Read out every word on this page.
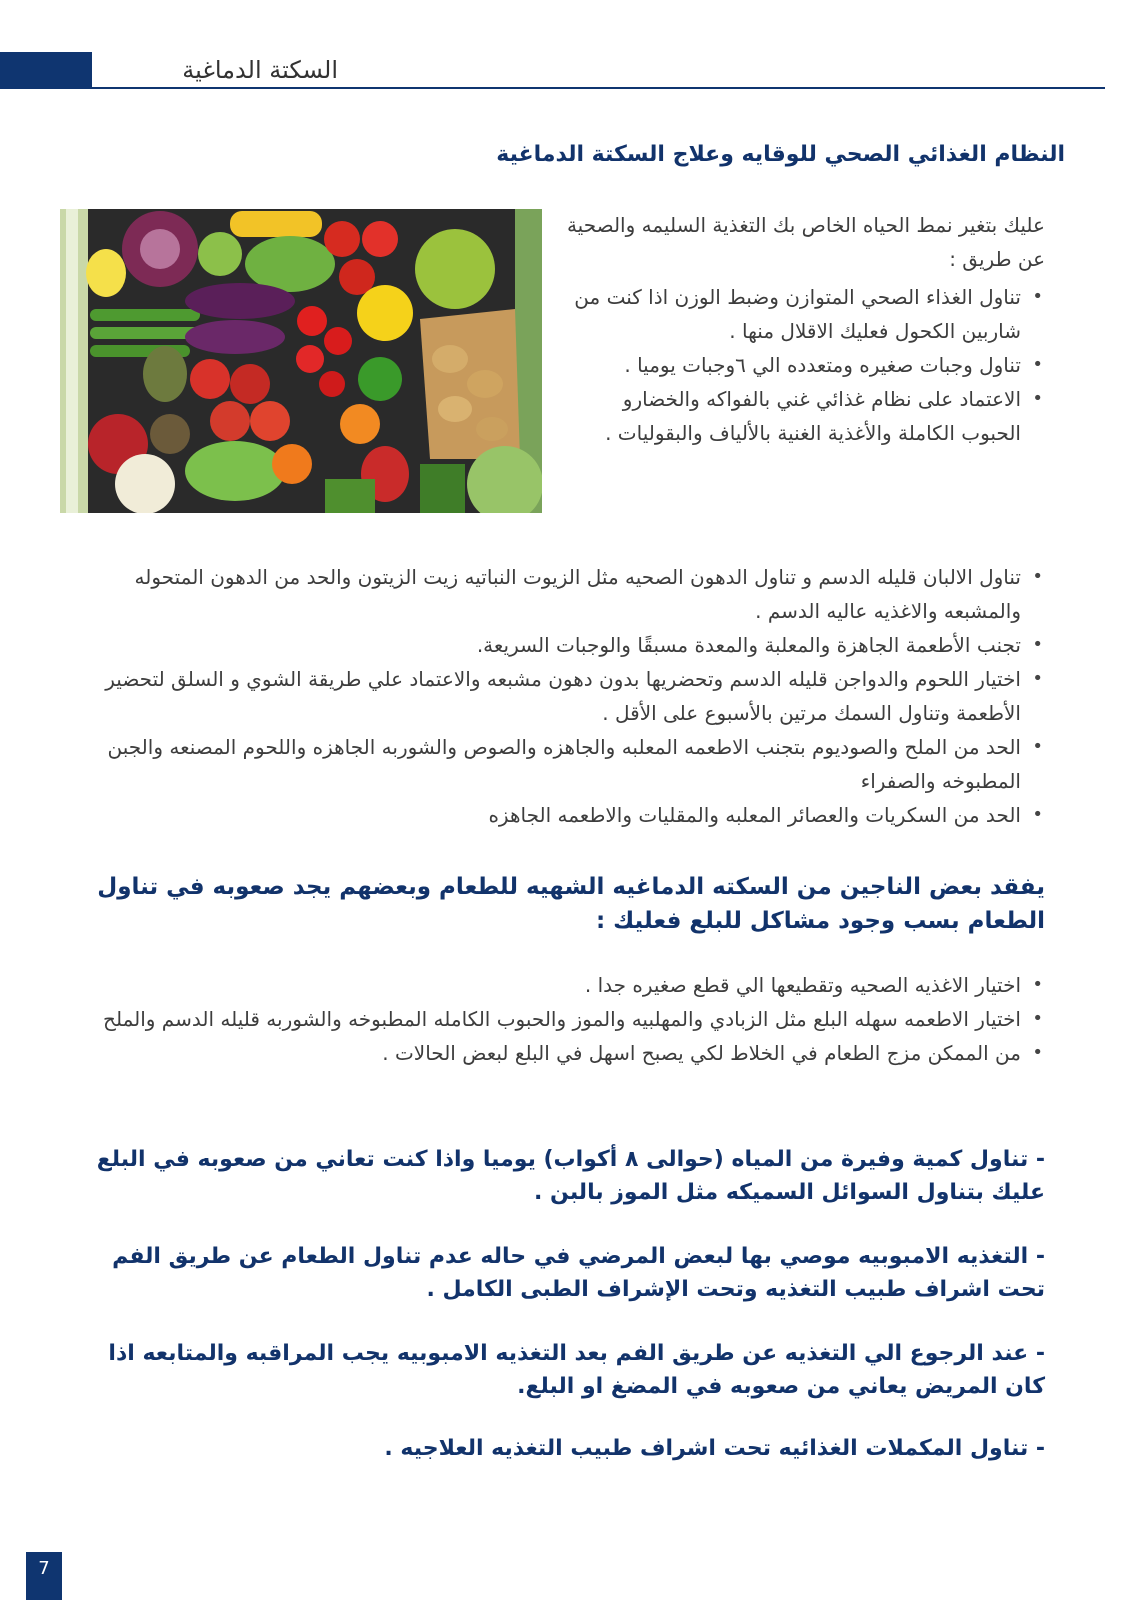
السكتة الدماغية
النظام الغذائي الصحي للوقايه وعلاج السكتة الدماغية
عليك بتغير نمط الحياه الخاص بك التغذية السليمه والصحية عن طريق :
• تناول الغذاء الصحي المتوازن وضبط الوزن اذا كنت من شاربين الكحول فعليك الاقلال منها .
• تناول وجبات صغيره ومتعدده الي ٦وجبات يوميا .
• الاعتماد على نظام غذائي غني بالفواكه والخضارو الحبوب الكاملة والأغذية الغنية بالألياف والبقوليات .
• تناول الالبان قليله الدسم و تناول الدهون الصحيه مثل الزيوت النباتيه زيت الزيتون والحد من الدهون المتحوله والمشبعه والاغذيه عاليه الدسم .
• تجنب الأطعمة الجاهزة والمعلبة والمعدة مسبقًا والوجبات السريعة.
• اختيار اللحوم والدواجن قليله الدسم وتحضريها بدون دهون مشبعه والاعتماد علي طريقة الشوي و السلق لتحضير الأطعمة وتناول السمك مرتين بالأسبوع على الأقل .
• الحد من الملح والصوديوم بتجنب الاطعمه المعلبه والجاهزه والصوص والشوربه الجاهزه واللحوم المصنعه والجبن المطبوخه والصفراء
• الحد من السكريات والعصائر المعلبه والمقليات والاطعمه الجاهزه
يفقد بعض الناجين من السكته الدماغيه الشهيه للطعام وبعضهم يجد صعوبه في تناول الطعام بسب وجود مشاكل للبلع فعليك :
• اختيار الاغذيه الصحيه وتقطيعها الي قطع صغيره جدا .
• اختيار الاطعمه سهله البلع مثل الزبادي والمهلبيه والموز والحبوب الكامله المطبوخه والشوربه قليله الدسم والملح
• من الممكن مزج الطعام في الخلاط لكي يصبح اسهل في البلع لبعض الحالات .
- تناول كمية وفيرة من المياه (حوالى ٨ أكواب) يوميا واذا كنت تعاني من صعوبه في البلع عليك بتناول السوائل السميكه مثل الموز بالبن .
- التغذيه الامبوبيه موصي بها لبعض المرضي في حاله عدم تناول الطعام عن طريق الفم تحت اشراف طبيب التغذيه وتحت الإشراف الطبى الكامل .
- عند الرجوع الي التغذيه عن طريق الفم بعد التغذيه الامبوبيه يجب المراقبه والمتابعه اذا كان المريض يعاني من صعوبه في المضغ او البلع.
- تناول المكملات الغذائيه تحت اشراف طبيب التغذيه العلاجيه .
7
